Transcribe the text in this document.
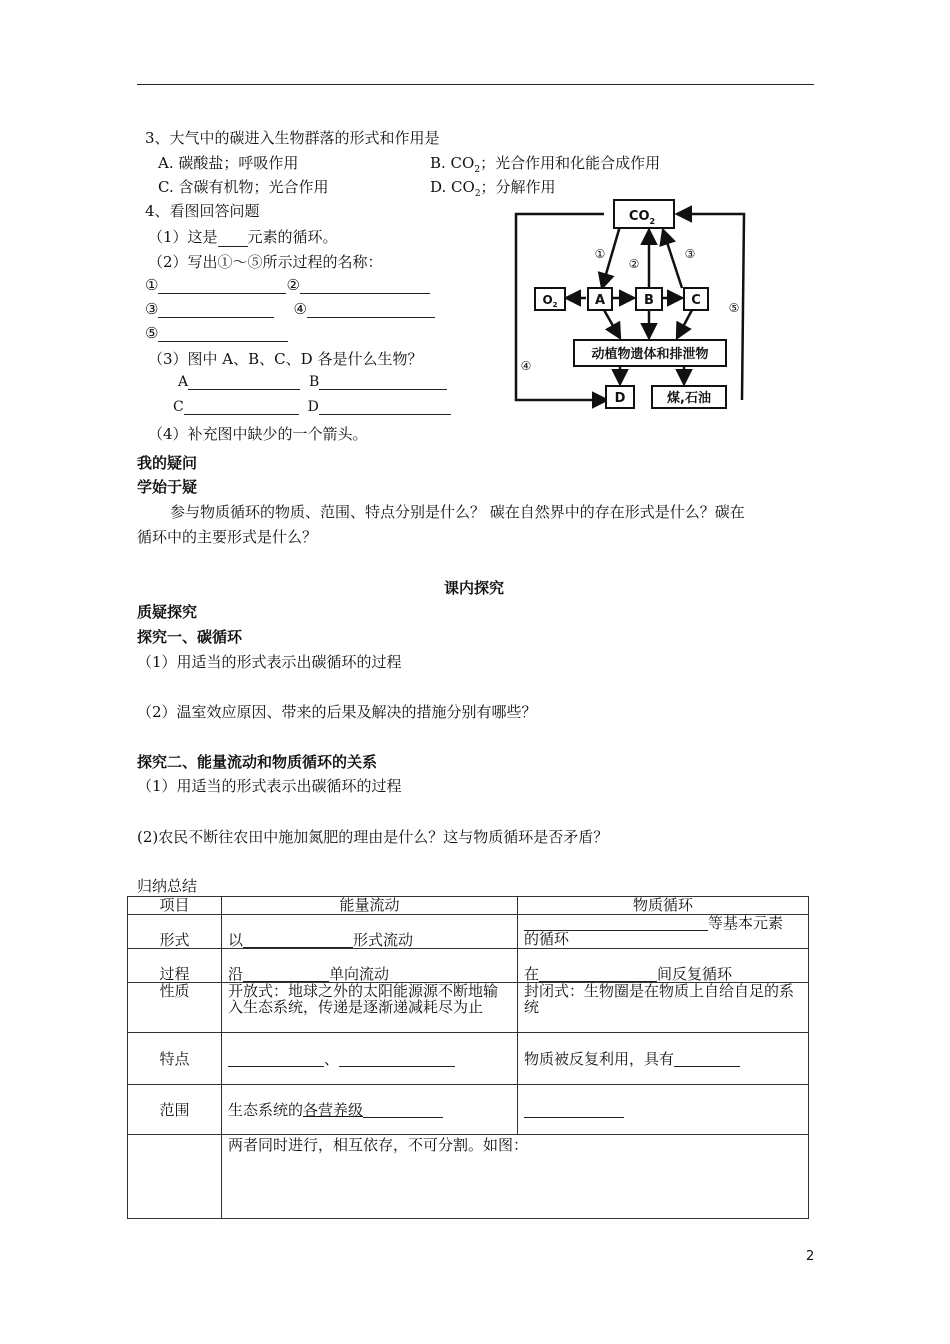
3、大气中的碳进入生物群落的形式和作用是
A. 碳酸盐；呼吸作用	B. $CO_2$；光合作用和化能合成作用
C. 含碳有机物；光合作用	D. $CO_2$；分解作用
4、看图回答问题
（1）这是 元素的循环。
（2）写出①～⑤所示过程的名称：
①	②
③	④
⑤
（3）图中 A、B、C、D 各是什么生物？
A	B
C	D
（4）补充图中缺少的一个箭头。
$CO_2$
$O_2$	A	B	C
动植物遗体和排泄物
D	煤,石油
①
②
③
④
⑤
我的疑问
学始于疑
参与物质循环的物质、范围、特点分别是什么？ 碳在自然界中的存在形式是什么？碳在
循环中的主要形式是什么？
课内探究
质疑探究
探究一、碳循环
（1）用适当的形式表示出碳循环的过程
（2）温室效应原因、带来的后果及解决的措施分别有哪些？
探究二、能量流动和物质循环的关系
（1）用适当的形式表示出碳循环的过程
(2)农民不断往农田中施加氮肥的理由是什么？这与物质循环是否矛盾？
归纳总结
项目	能量流动	物质循环
形式	以 形式流动	等基本元素
的循环
过程	沿 单向流动	在 间反复循环
性质	开放式：地球之外的太阳能源源不断地输入生态系统，传递是逐渐递减耗尽为止	封闭式：生物圈是在物质上自给自足的系统
特点	、	物质被反复利用，具有
范围	生态系统的各营养级	
	两者同时进行，相互依存，不可分割。如图：	
2
